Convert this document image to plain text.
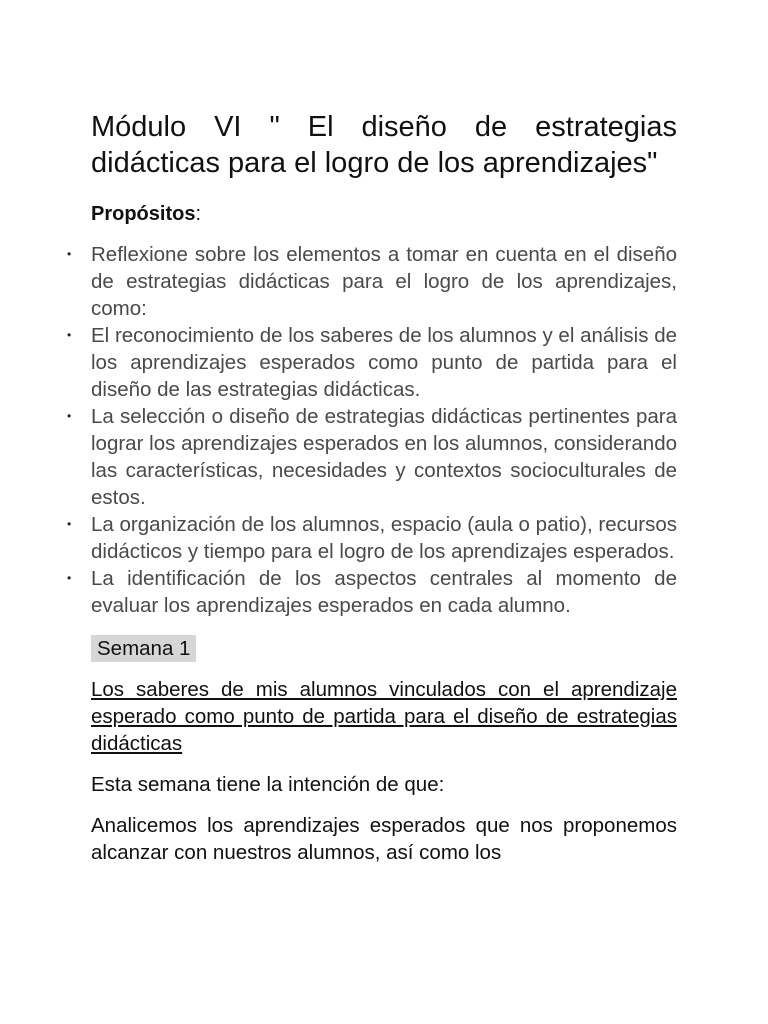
Módulo VI " El diseño de estrategias didácticas para el logro de los aprendizajes"

Propósitos:

• Reflexione sobre los elementos a tomar en cuenta en el diseño de estrategias didácticas para el logro de los aprendizajes, como:
• El reconocimiento de los saberes de los alumnos y el análisis de los aprendizajes esperados como punto de partida para el diseño de las estrategias didácticas.
• La selección o diseño de estrategias didácticas pertinentes para lograr los aprendizajes esperados en los alumnos, considerando las características, necesidades y contextos socioculturales de estos.
• La organización de los alumnos, espacio (aula o patio), recursos didácticos y tiempo para el logro de los aprendizajes esperados.
• La identificación de los aspectos centrales al momento de evaluar los aprendizajes esperados en cada alumno.
Semana 1

Los saberes de mis alumnos vinculados con el aprendizaje esperado como punto de partida para el diseño de estrategias didácticas

Esta semana tiene la intención de que:

Analicemos los aprendizajes esperados que nos proponemos alcanzar con nuestros alumnos, así como los
